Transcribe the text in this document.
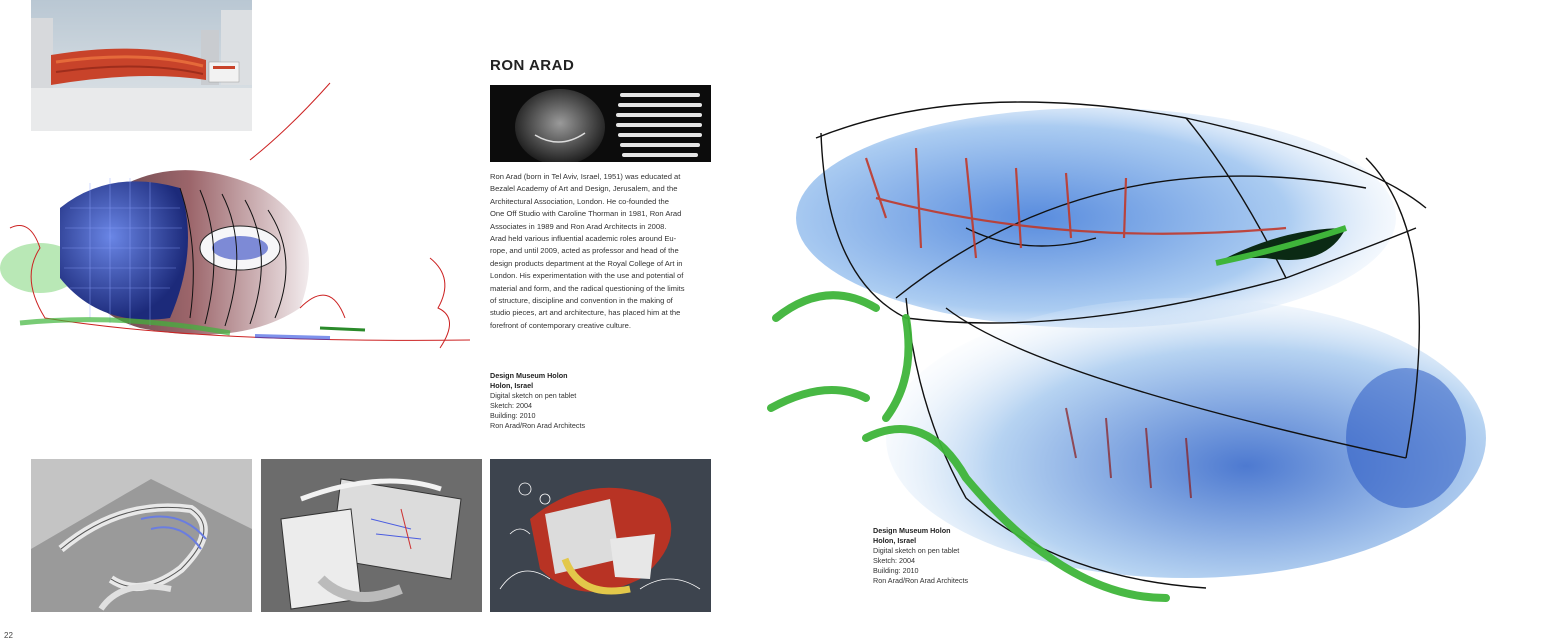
RON ARAD

Ron Arad (born in Tel Aviv, Israel, 1951) was educated at
Bezalel Academy of Art and Design, Jerusalem, and the
Architectural Association, London. He co-founded the
One Off Studio with Caroline Thorman in 1981, Ron Arad
Associates in 1989 and Ron Arad Architects in 2008.
Arad held various influential academic roles around Eu-
rope, and until 2009, acted as professor and head of the
design products department at the Royal College of Art in
London. His experimentation with the use and potential of
material and form, and the radical questioning of the limits
of structure, discipline and convention in the making of
studio pieces, art and architecture, has placed him at the
forefront of contemporary creative culture.

Design Museum Holon
Holon, Israel
Digital sketch on pen tablet
Sketch: 2004
Building: 2010
Ron Arad/Ron Arad Architects
Design Museum Holon
Holon, Israel
Digital sketch on pen tablet
Sketch: 2004
Building: 2010
Ron Arad/Ron Arad Architects
22
